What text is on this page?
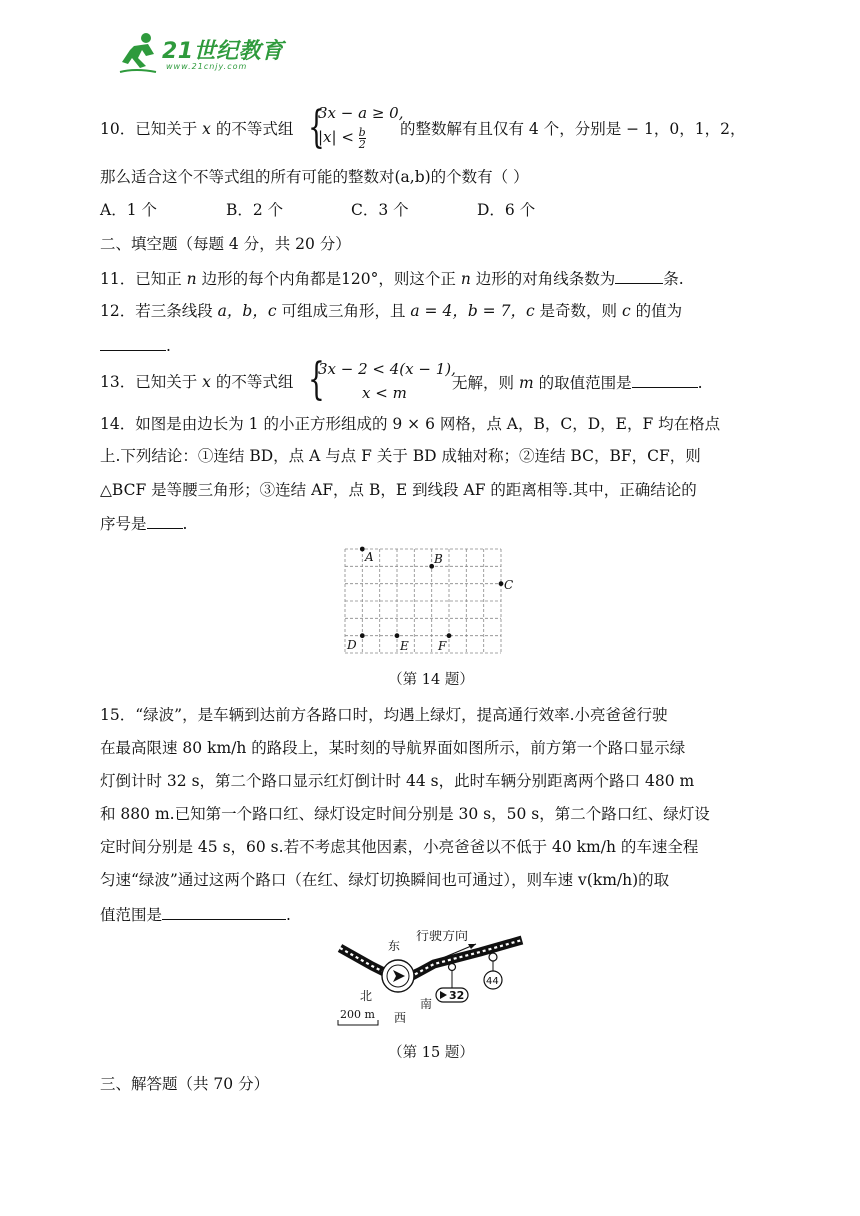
21世纪教育
www.21cnjy.com
10．已知关于 x 的不等式组 {
3x − a ≥ 0,
$|x| < \frac{b}{2}$ 的整数解有且仅有 4 个，分别是 − 1，0，1，2，
那么适合这个不等式组的所有可能的整数对(a,b)的个数有（ ）
A．1 个	B．2 个	C．3 个	D．6 个
二、填空题（每题 4 分，共 20 分）
11．已知正 n 边形的每个内角都是120°，则这个正 n 边形的对角线条数为	条.
12．若三条线段 a，b，c 可组成三角形，且 a = 4，b = 7，c 是奇数，则 c 的值为
.
13．已知关于 x 的不等式组 {
3x − 2 < 4(x − 1),
x < m
无解，则 m 的取值范围是	.
14．如图是由边长为 1 的小正方形组成的 9 × 6 网格，点 A，B，C，D，E，F 均在格点
上.下列结论：①连结 BD，点 A 与点 F 关于 BD 成轴对称；②连结 BC，BF，CF，则
△BCF 是等腰三角形；③连结 AF，点 B，E 到线段 AF 的距离相等.其中，正确结论的
序号是 .
A	B
C
D	E F
（第 14 题）
15．“绿波”，是车辆到达前方各路口时，均遇上绿灯，提高通行效率.小亮爸爸行驶
在最高限速 80 km/h 的路段上，某时刻的导航界面如图所示，前方第一个路口显示绿
灯倒计时 32 s，第二个路口显示红灯倒计时 44 s，此时车辆分别距离两个路口 480 m
和 880 m.已知第一个路口红、绿灯设定时间分别是 30 s，50 s，第二个路口红、绿灯设
定时间分别是 45 s，60 s.若不考虑其他因素，小亮爸爸以不低于 40 km/h 的车速全程
匀速“绿波”通过这两个路口（在红、绿灯切换瞬间也可通过），则车速 v(km/h)的取
值范围是	.
行驶方向
东
北
南
西
32
44
200 m
（第 15 题）
三、解答题（共 70 分）
